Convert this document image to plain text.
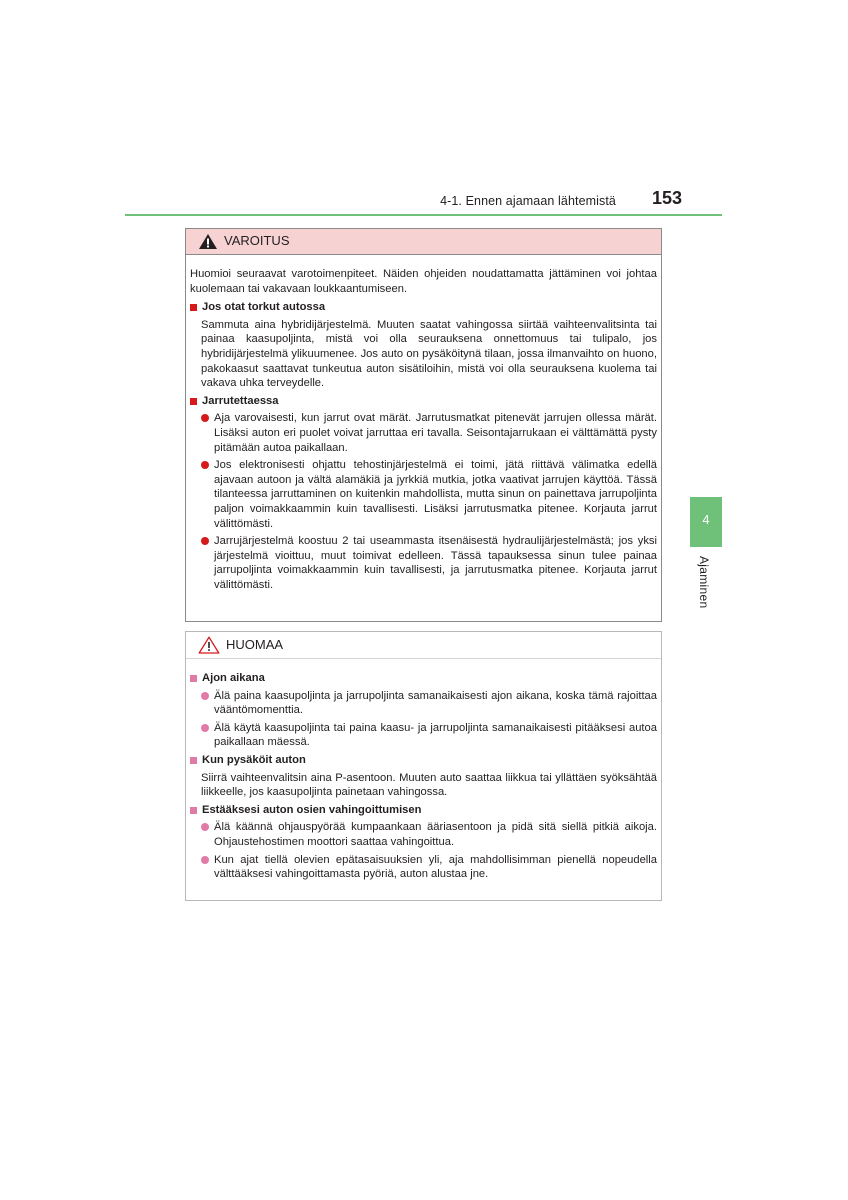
4-1. Ennen ajamaan lähtemistä	153
4
Ajaminen
VAROITUS

Huomioi seuraavat varotoimenpiteet. Näiden ohjeiden noudattamatta jättäminen voi johtaa kuolemaan tai vakavaan loukkaantumiseen.

Jos otat torkut autossa

Sammuta aina hybridijärjestelmä. Muuten saatat vahingossa siirtää vaihteenvalitsinta tai painaa kaasupoljinta, mistä voi olla seurauksena onnettomuus tai tulipalo, jos hybridijärjestelmä ylikuumenee. Jos auto on pysäköitynä tilaan, jossa ilmanvaihto on huono, pakokaasut saattavat tunkeutua auton sisätiloihin, mistä voi olla seurauksena kuolema tai vakava uhka terveydelle.

Jarrutettaessa
Aja varovaisesti, kun jarrut ovat märät. Jarrutusmatkat pitenevät jarrujen ollessa märät. Lisäksi auton eri puolet voivat jarruttaa eri tavalla. Seisontajarrukaan ei välttämättä pysty pitämään autoa paikallaan.
Jos elektronisesti ohjattu tehostinjärjestelmä ei toimi, jätä riittävä välimatka edellä ajavaan autoon ja vältä alamäkiä ja jyrkkiä mutkia, jotka vaativat jarrujen käyttöä. Tässä tilanteessa jarruttaminen on kuitenkin mahdollista, mutta sinun on painettava jarrupoljinta paljon voimakkaammin kuin tavallisesti. Lisäksi jarrutusmatka pitenee. Korjauta jarrut välittömästi.
Jarrujärjestelmä koostuu 2 tai useammasta itsenäisestä hydraulijärjestelmästä; jos yksi järjestelmä vioittuu, muut toimivat edelleen. Tässä tapauksessa sinun tulee painaa jarrupoljinta voimakkaammin kuin tavallisesti, ja jarrutusmatka pitenee. Korjauta jarrut välittömästi.
HUOMAA
Ajon aikana
Älä paina kaasupoljinta ja jarrupoljinta samanaikaisesti ajon aikana, koska tämä rajoittaa vääntömomenttia.
Älä käytä kaasupoljinta tai paina kaasu- ja jarrupoljinta samanaikaisesti pitääksesi autoa paikallaan mäessä.
Kun pysäköit auton

Siirrä vaihteenvalitsin aina P-asentoon. Muuten auto saattaa liikkua tai yllättäen syöksähtää liikkeelle, jos kaasupoljinta painetaan vahingossa.

Estääksesi auton osien vahingoittumisen
Älä käännä ohjauspyörää kumpaankaan ääriasentoon ja pidä sitä siellä pitkiä aikoja. Ohjaustehostimen moottori saattaa vahingoittua.
Kun ajat tiellä olevien epätasaisuuksien yli, aja mahdollisimman pienellä nopeudella välttääksesi vahingoittamasta pyöriä, auton alustaa jne.
